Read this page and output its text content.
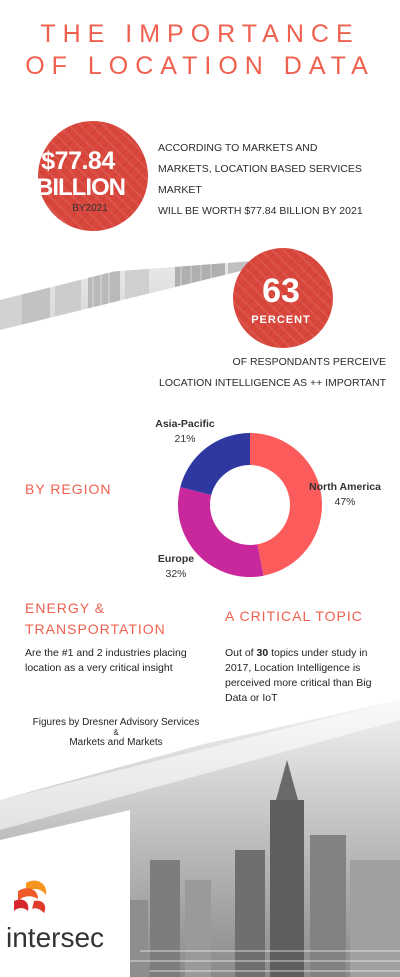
THE IMPORTANCE
OF LOCATION DATA
$77.84
BILLION
BY2021
ACCORDING TO MARKETS AND
MARKETS, LOCATION BASED SERVICES MARKET
WILL BE WORTH $77.84 BILLION BY 2021
63
PERCENT
OF RESPONDANTS PERCEIVE
LOCATION INTELLIGENCE AS ++ IMPORTANT
BY REGION
Asia-Pacific
21%
North America
47%
Europe
32%
ENERGY &
TRANSPORTATION
Are the #1 and 2 industries placing location as a very critical insight
A CRITICAL TOPIC
Out of 30 topics under study in 2017, Location Intelligence is perceived more critical than Big Data or IoT
Figures by Dresner Advisory Services
&
Markets and Markets
intersec
